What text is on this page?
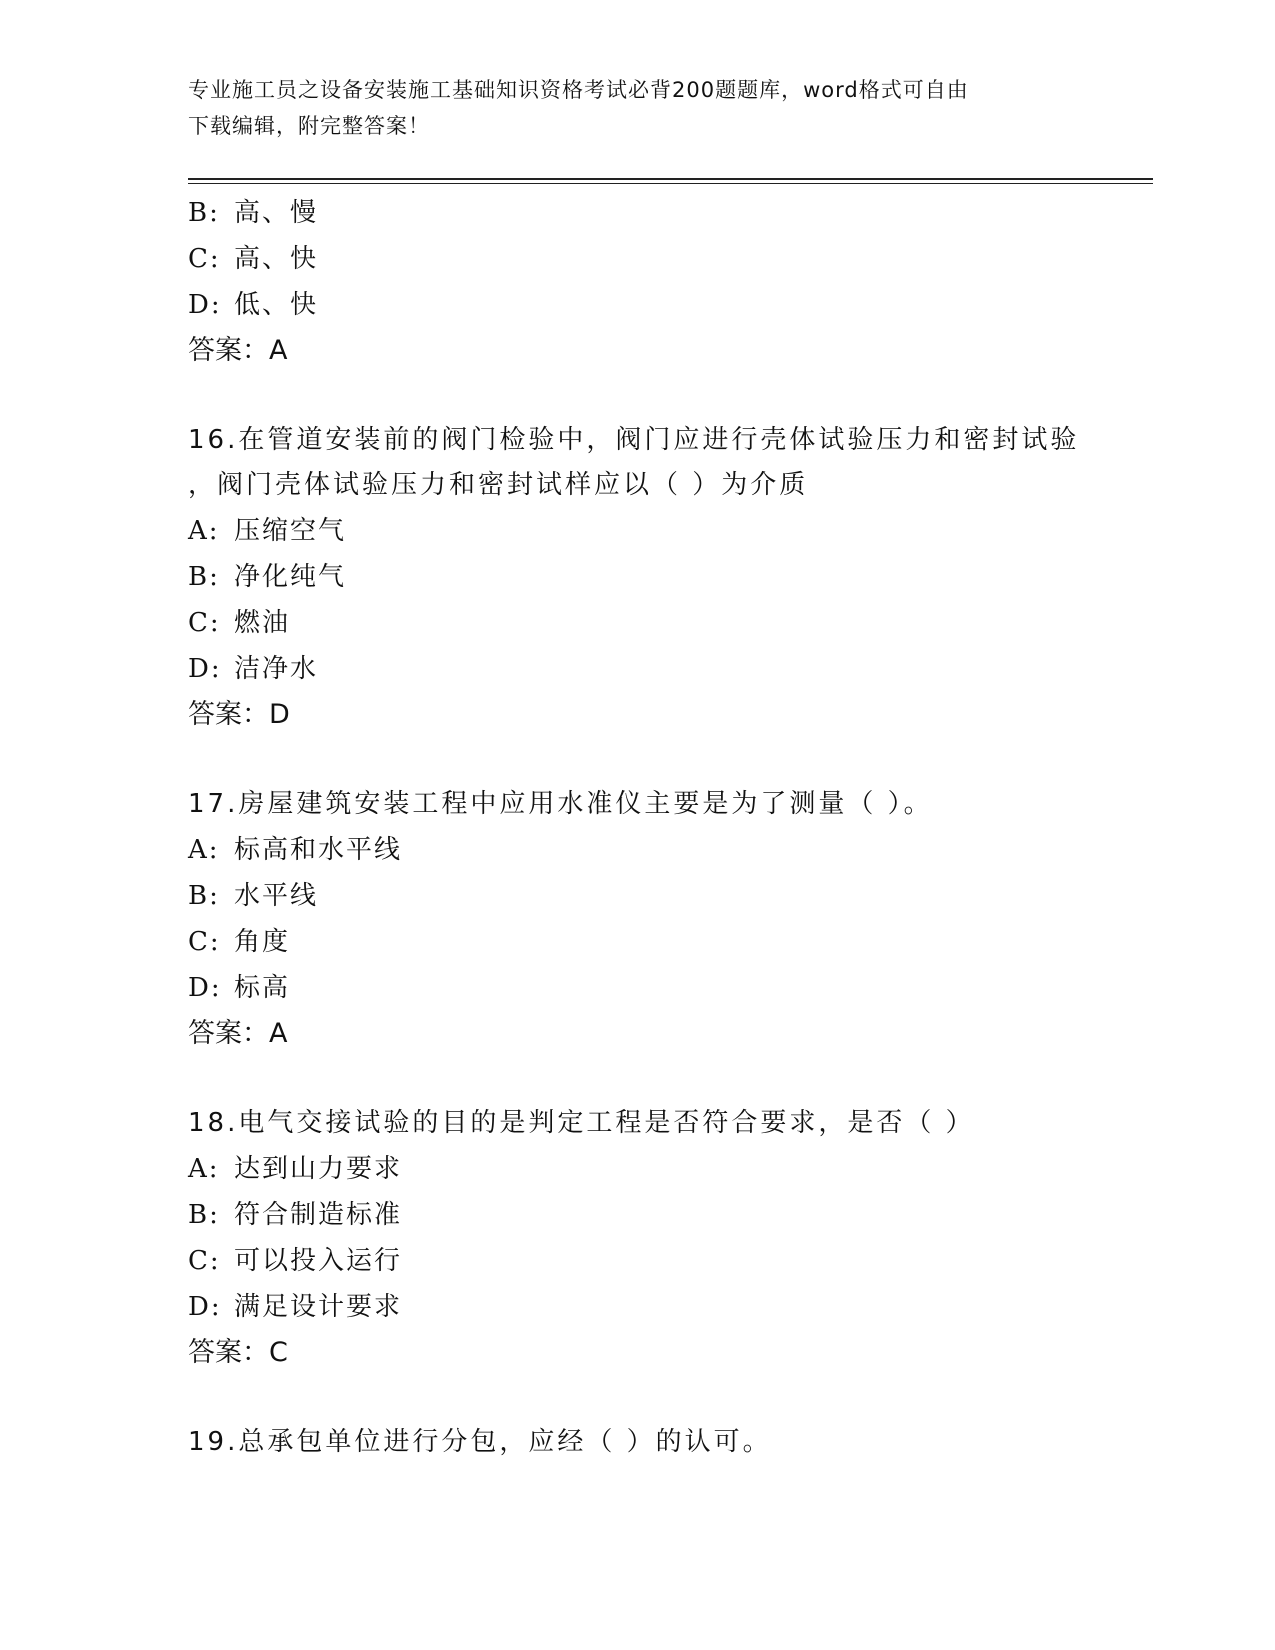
专业施工员之设备安装施工基础知识资格考试必背200题题库，word格式可自由
下载编辑，附完整答案！
B: 高、慢
C: 高、快
D: 低、快
答案：A
16.在管道安装前的阀门检验中，阀门应进行壳体试验压力和密封试验
，阀门壳体试验压力和密封试样应以（ ）为介质
A: 压缩空气
B: 净化纯气
C: 燃油
D: 洁净水
答案：D
17.房屋建筑安装工程中应用水准仪主要是为了测量（ ）。
A: 标高和水平线
B: 水平线
C: 角度
D: 标高
答案：A
18.电气交接试验的目的是判定工程是否符合要求，是否（ ）
A: 达到山力要求
B: 符合制造标准
C: 可以投入运行
D: 满足设计要求
答案：C
19.总承包单位进行分包，应经（ ）的认可。
